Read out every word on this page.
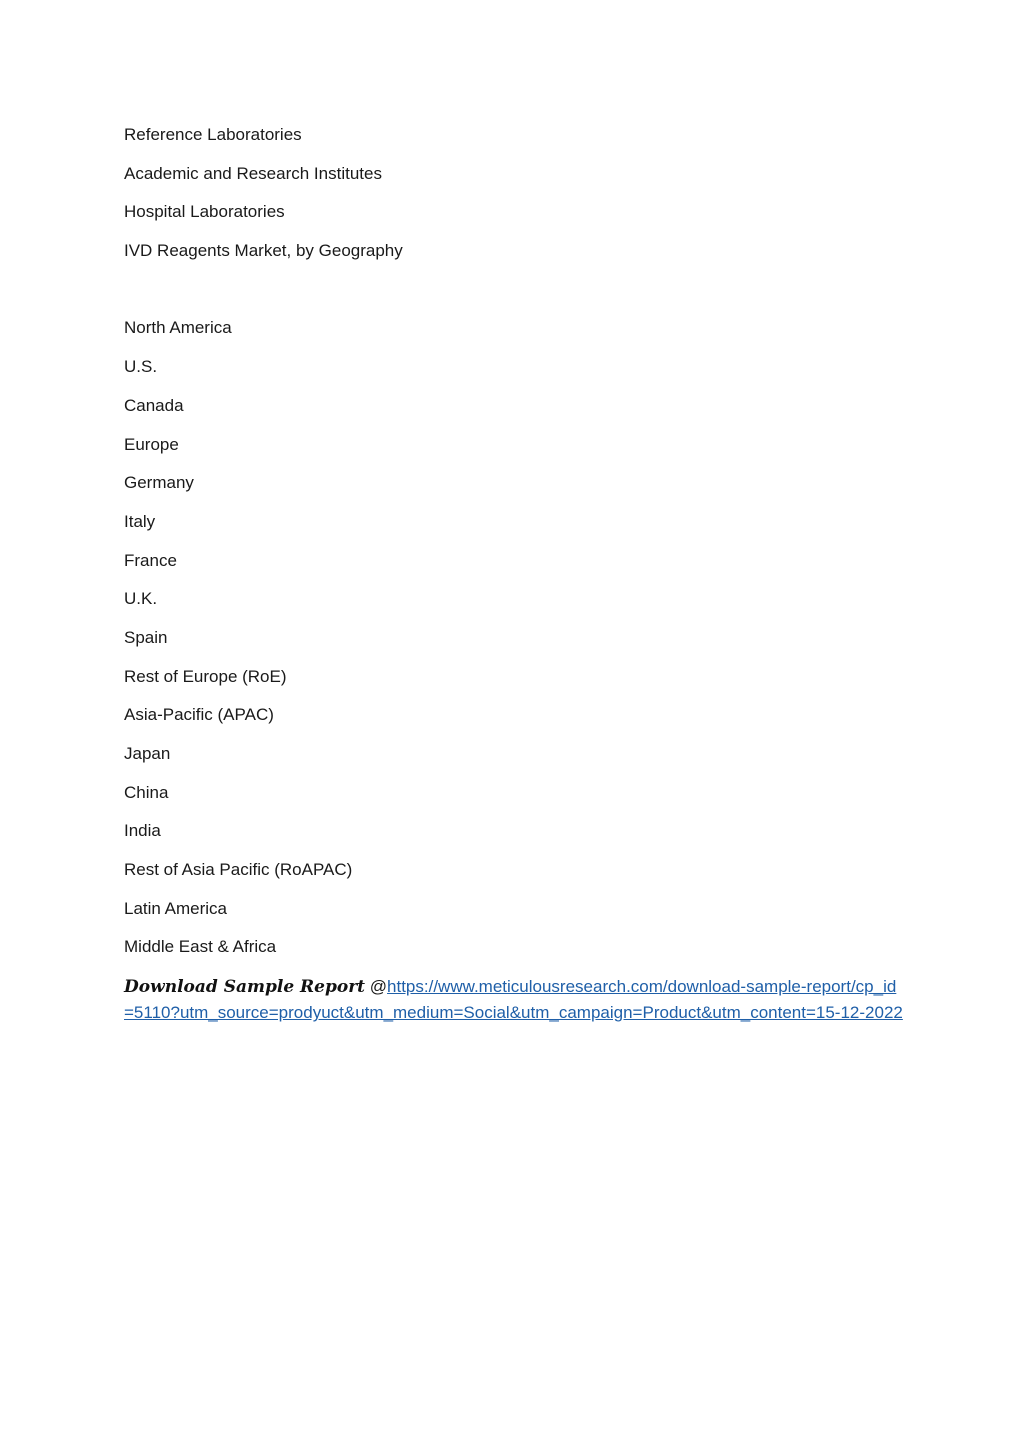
Reference Laboratories
Academic and Research Institutes
Hospital Laboratories
IVD Reagents Market, by Geography
North America
U.S.
Canada
Europe
Germany
Italy
France
U.K.
Spain
Rest of Europe (RoE)
Asia-Pacific (APAC)
Japan
China
India
Rest of Asia Pacific (RoAPAC)
Latin America
Middle East & Africa
Download Sample Report @https://www.meticulousresearch.com/download-sample-report/cp_id=5110?utm_source=prodyuct&utm_medium=Social&utm_campaign=Product&utm_content=15-12-2022
